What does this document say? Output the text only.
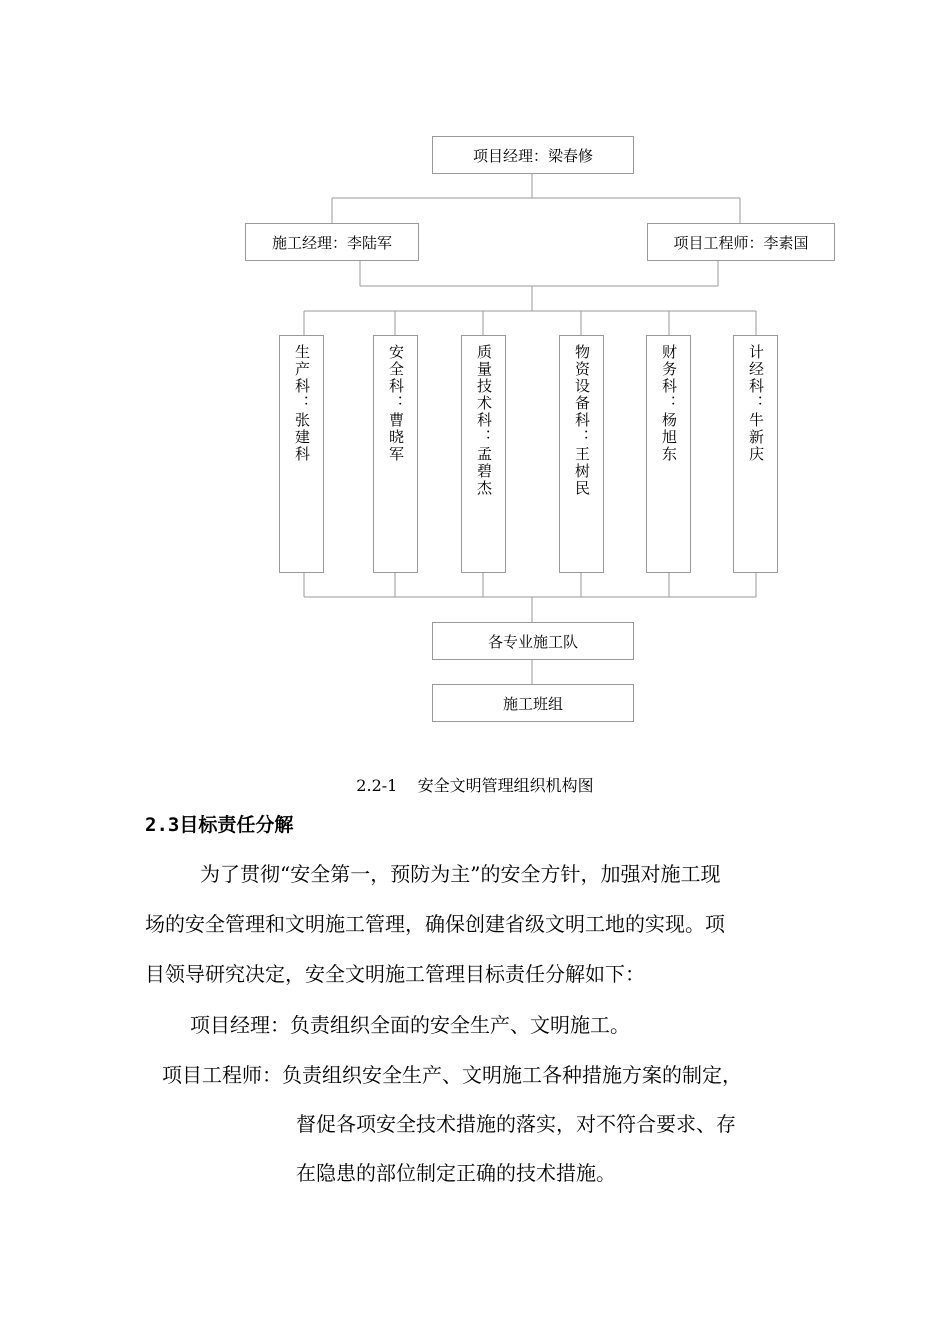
项目经理：梁春修
施工经理：李陆军	项目工程师：李素国
生产科：张建科	安全科：曹晓军	质量技术科：孟碧杰	物资设备科：王树民	财务科：杨旭东	计经科：牛新庆
各专业施工队
施工班组
2.2-1    安全文明管理组织机构图
2.3目标责任分解
为了贯彻“安全第一，预防为主”的安全方针，加强对施工现
场的安全管理和文明施工管理，确保创建省级文明工地的实现。项
目领导研究决定，安全文明施工管理目标责任分解如下：
项目经理：负责组织全面的安全生产、文明施工。
项目工程师：负责组织安全生产、文明施工各种措施方案的制定，
督促各项安全技术措施的落实，对不符合要求、存
在隐患的部位制定正确的技术措施。
